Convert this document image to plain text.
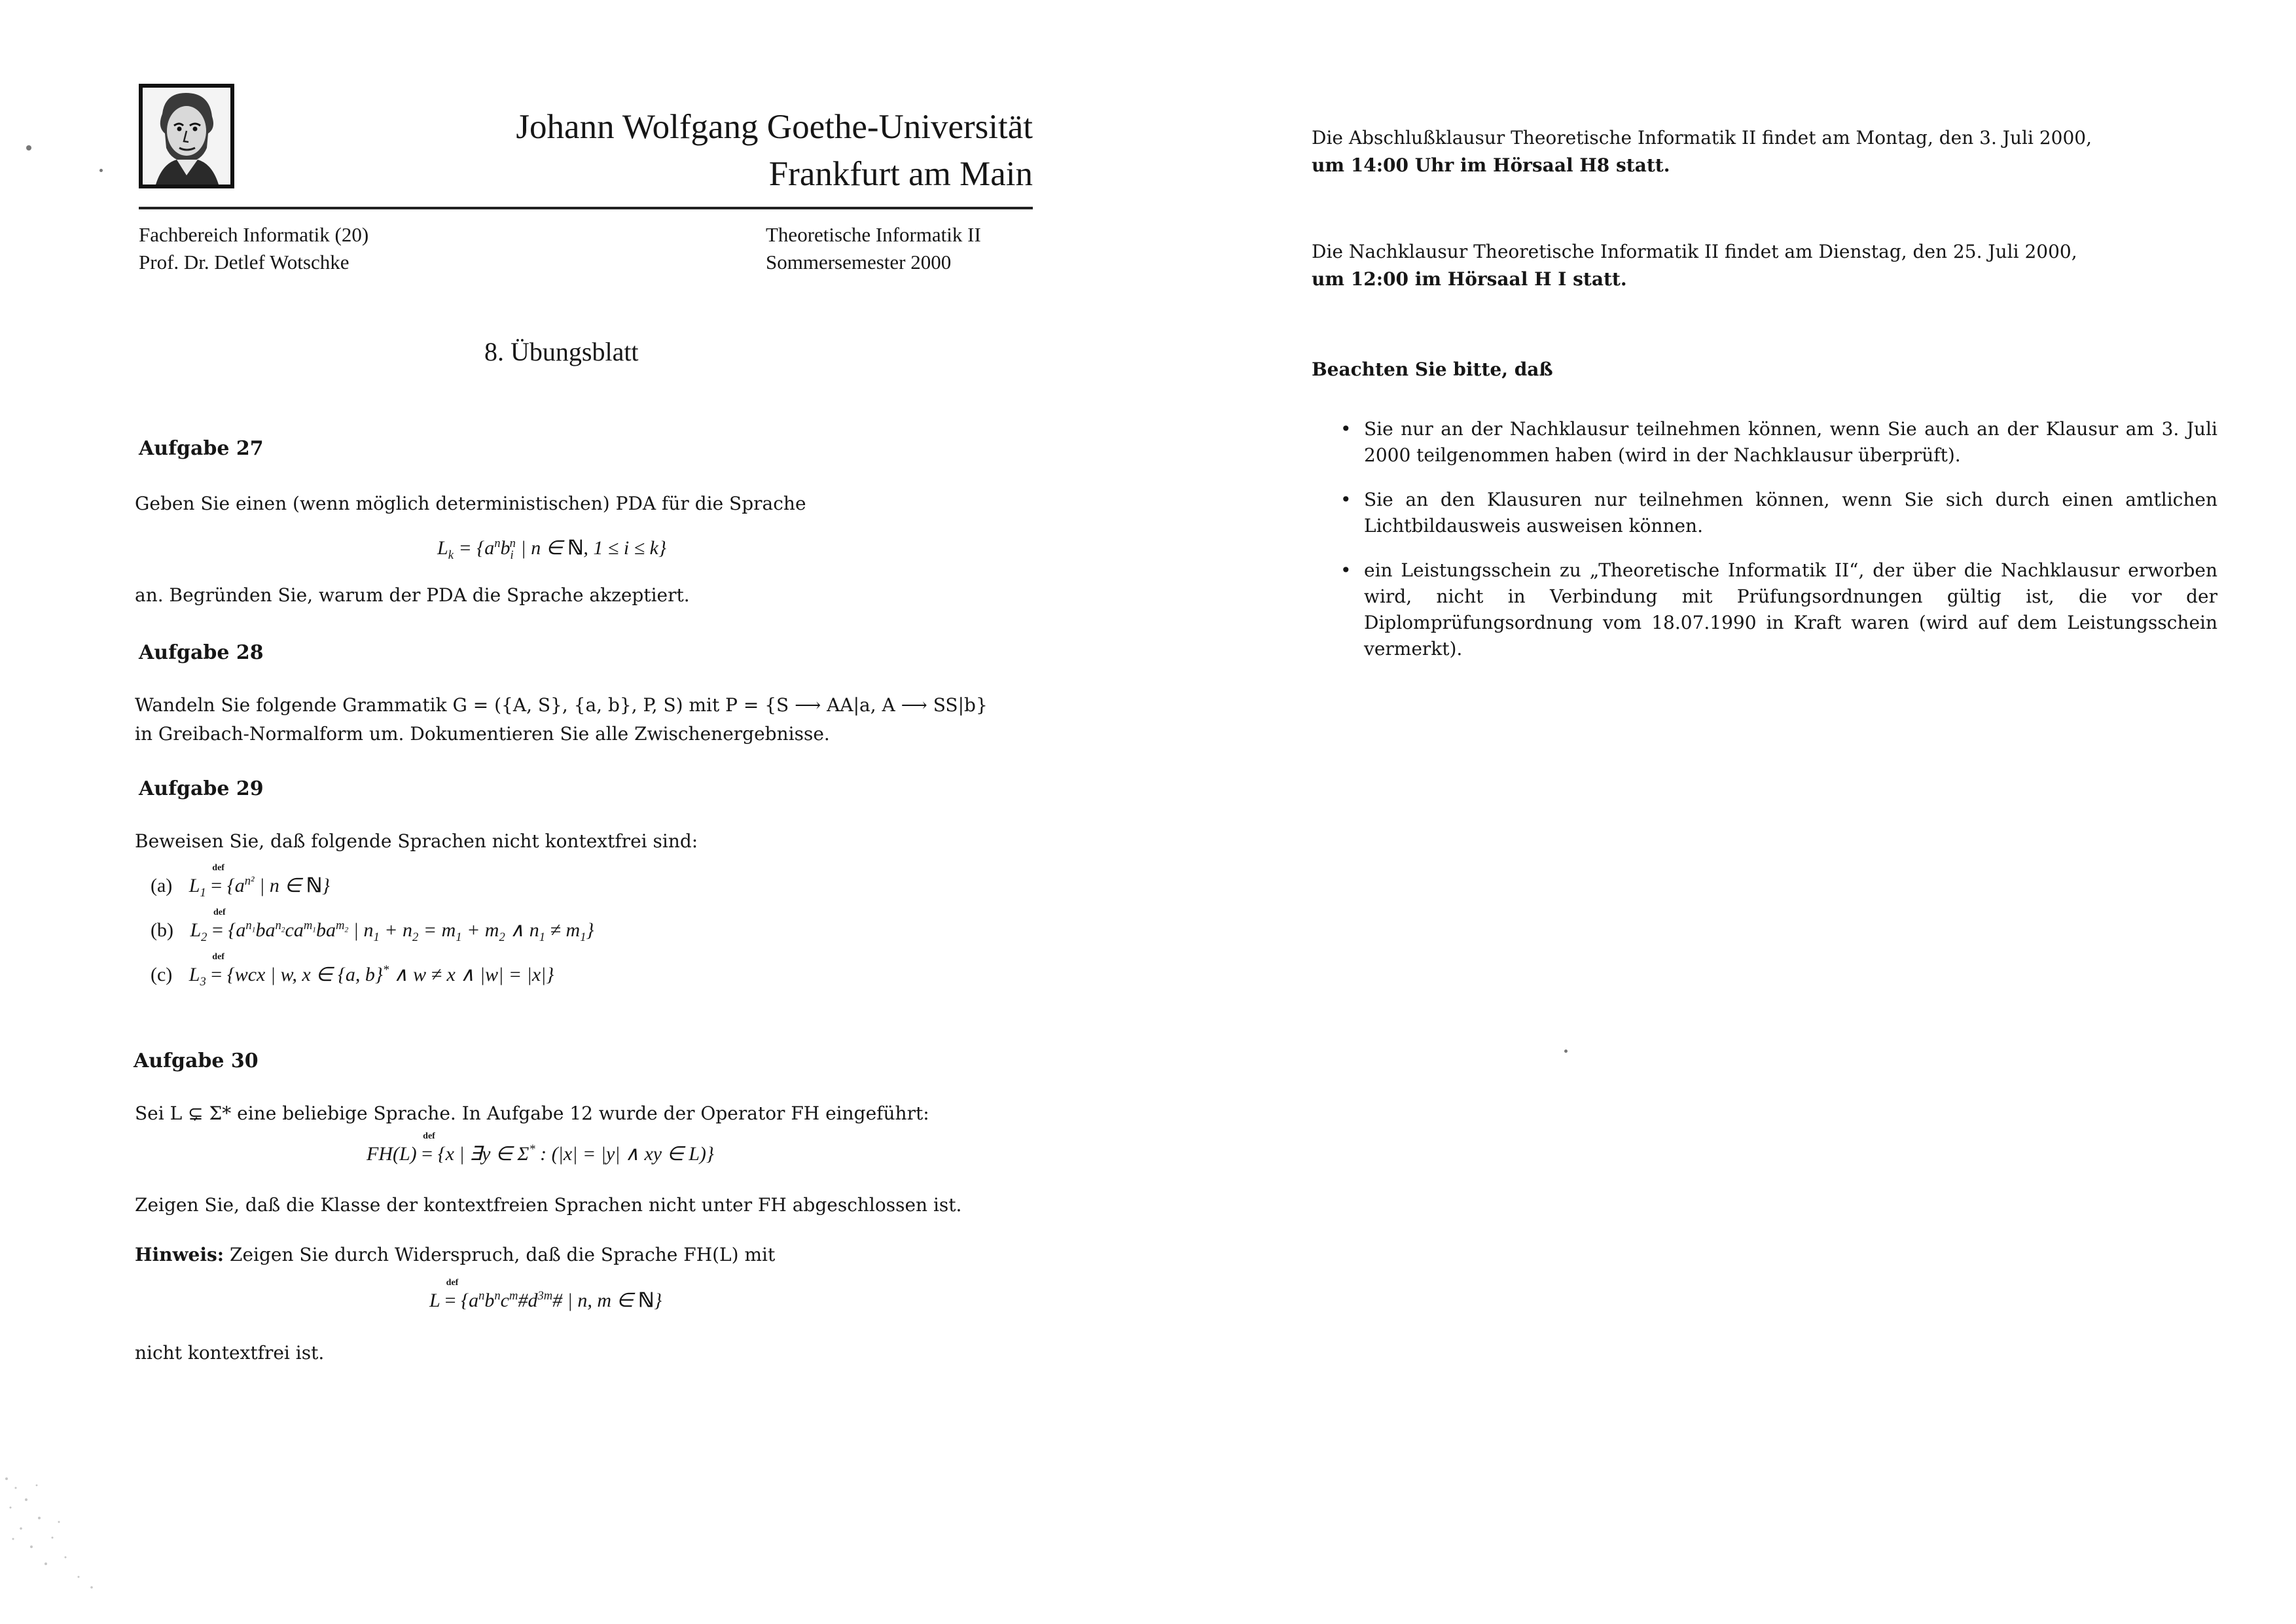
Johann Wolfgang Goethe-Universität
Frankfurt am Main
Fachbereich Informatik (20)
Prof. Dr. Detlef Wotschke
Theoretische Informatik II
Sommersemester 2000
8. Übungsblatt
Aufgabe 27
Geben Sie einen (wenn möglich deterministischen) PDA für die Sprache
$L_k = \{a^nb_i^n$ | n ∈ ℕ, 1 ≤ i ≤ k}
an. Begründen Sie, warum der PDA die Sprache akzeptiert.
Aufgabe 28
Wandeln Sie folgende Grammatik G = ({A, S}, {a, b}, P, S) mit P = {S ⟶ AA|a, A ⟶ SS|b}
in Greibach-Normalform um. Dokumentieren Sie alle Zwischenergebnisse.
Aufgabe 29
Beweisen Sie, daß folgende Sprachen nicht kontextfrei sind:
(a) $L_1$
def
= {$a^{n^2}$ | n ∈ ℕ}
(b) $L_2$
def
= {$a^{n_1}ba^{n_2}ca^{m_1}ba^{m_2}$ | $n_1 + n_2 = m_1 + m_2$ ∧ $n_1 \ne m_1$}
(c) $L_3$
def
= {wcx | w, x ∈ {a, b}* ∧ w ≠ x ∧ |w| = |x|}
Aufgabe 30
Sei L ⊊ Σ* eine beliebige Sprache. In Aufgabe 12 wurde der Operator FH eingeführt:
FH(L)
def
= {x | ∃y ∈ Σ* : (|x| = |y| ∧ xy ∈ L)}
Zeigen Sie, daß die Klasse der kontextfreien Sprachen nicht unter FH abgeschlossen ist.
Hinweis: Zeigen Sie durch Widerspruch, daß die Sprache FH(L) mit
L
def
= {$a^nb^nc^m\#d^{3m}\#$ | n, m ∈ ℕ}
nicht kontextfrei ist.
Die Abschlußklausur Theoretische Informatik II findet am Montag, den 3. Juli 2000,
um 14:00 Uhr im Hörsaal H8 statt.
Die Nachklausur Theoretische Informatik II findet am Dienstag, den 25. Juli 2000,
um 12:00 im Hörsaal H I statt.
Beachten Sie bitte, daß
• Sie nur an der Nachklausur teilnehmen können, wenn Sie auch an der Klausur am 3. Juli 2000 teilgenommen haben (wird in der Nachklausur überprüft).
• Sie an den Klausuren nur teilnehmen können, wenn Sie sich durch einen amtlichen Lichtbildausweis ausweisen können.
• ein Leistungsschein zu „Theoretische Informatik II“, der über die Nachklausur erworben wird, nicht in Verbindung mit Prüfungsordnungen gültig ist, die vor der Diplomprüfungsordnung vom 18.07.1990 in Kraft waren (wird auf dem Leistungsschein vermerkt).
